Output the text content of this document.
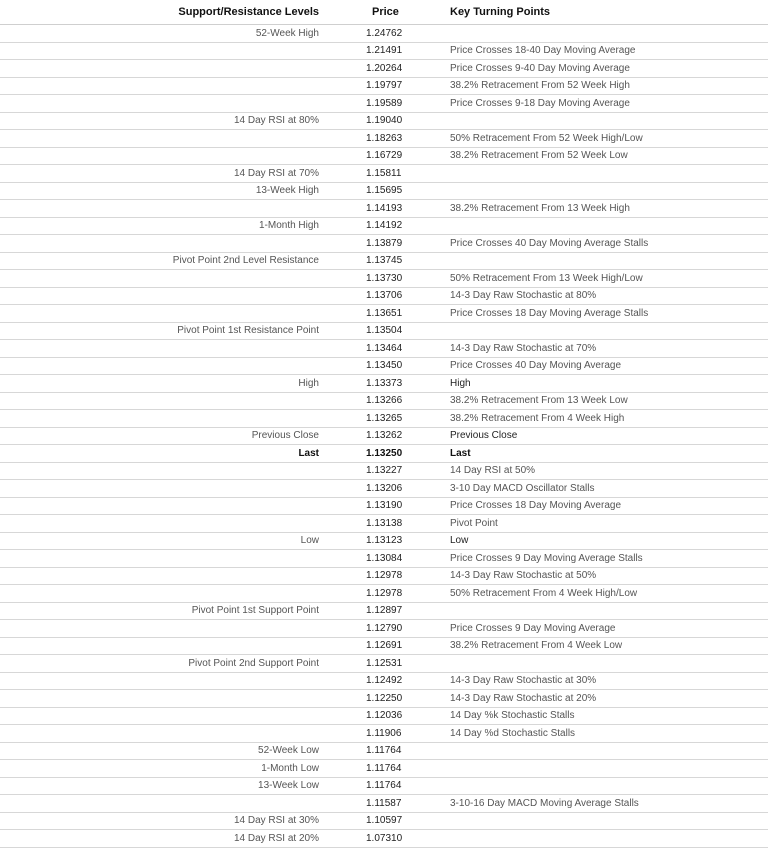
Support/Resistance Levels	Price	Key Turning Points
52-Week High	1.24762	
	1.21491	Price Crosses 18-40 Day Moving Average
	1.20264	Price Crosses 9-40 Day Moving Average
	1.19797	38.2% Retracement From 52 Week High
	1.19589	Price Crosses 9-18 Day Moving Average
14 Day RSI at 80%	1.19040	
	1.18263	50% Retracement From 52 Week High/Low
	1.16729	38.2% Retracement From 52 Week Low
14 Day RSI at 70%	1.15811	
13-Week High	1.15695	
	1.14193	38.2% Retracement From 13 Week High
1-Month High	1.14192	
	1.13879	Price Crosses 40 Day Moving Average Stalls
Pivot Point 2nd Level Resistance	1.13745	
	1.13730	50% Retracement From 13 Week High/Low
	1.13706	14-3 Day Raw Stochastic at 80%
	1.13651	Price Crosses 18 Day Moving Average Stalls
Pivot Point 1st Resistance Point	1.13504	
	1.13464	14-3 Day Raw Stochastic at 70%
	1.13450	Price Crosses 40 Day Moving Average
High	1.13373	High
	1.13266	38.2% Retracement From 13 Week Low
	1.13265	38.2% Retracement From 4 Week High
Previous Close	1.13262	Previous Close
Last	1.13250	Last
	1.13227	14 Day RSI at 50%
	1.13206	3-10 Day MACD Oscillator Stalls
	1.13190	Price Crosses 18 Day Moving Average
	1.13138	Pivot Point
Low	1.13123	Low
	1.13084	Price Crosses 9 Day Moving Average Stalls
	1.12978	14-3 Day Raw Stochastic at 50%
	1.12978	50% Retracement From 4 Week High/Low
Pivot Point 1st Support Point	1.12897	
	1.12790	Price Crosses 9 Day Moving Average
	1.12691	38.2% Retracement From 4 Week Low
Pivot Point 2nd Support Point	1.12531	
	1.12492	14-3 Day Raw Stochastic at 30%
	1.12250	14-3 Day Raw Stochastic at 20%
	1.12036	14 Day %k Stochastic Stalls
	1.11906	14 Day %d Stochastic Stalls
52-Week Low	1.11764	
1-Month Low	1.11764	
13-Week Low	1.11764	
	1.11587	3-10-16 Day MACD Moving Average Stalls
14 Day RSI at 30%	1.10597	
14 Day RSI at 20%	1.07310	
